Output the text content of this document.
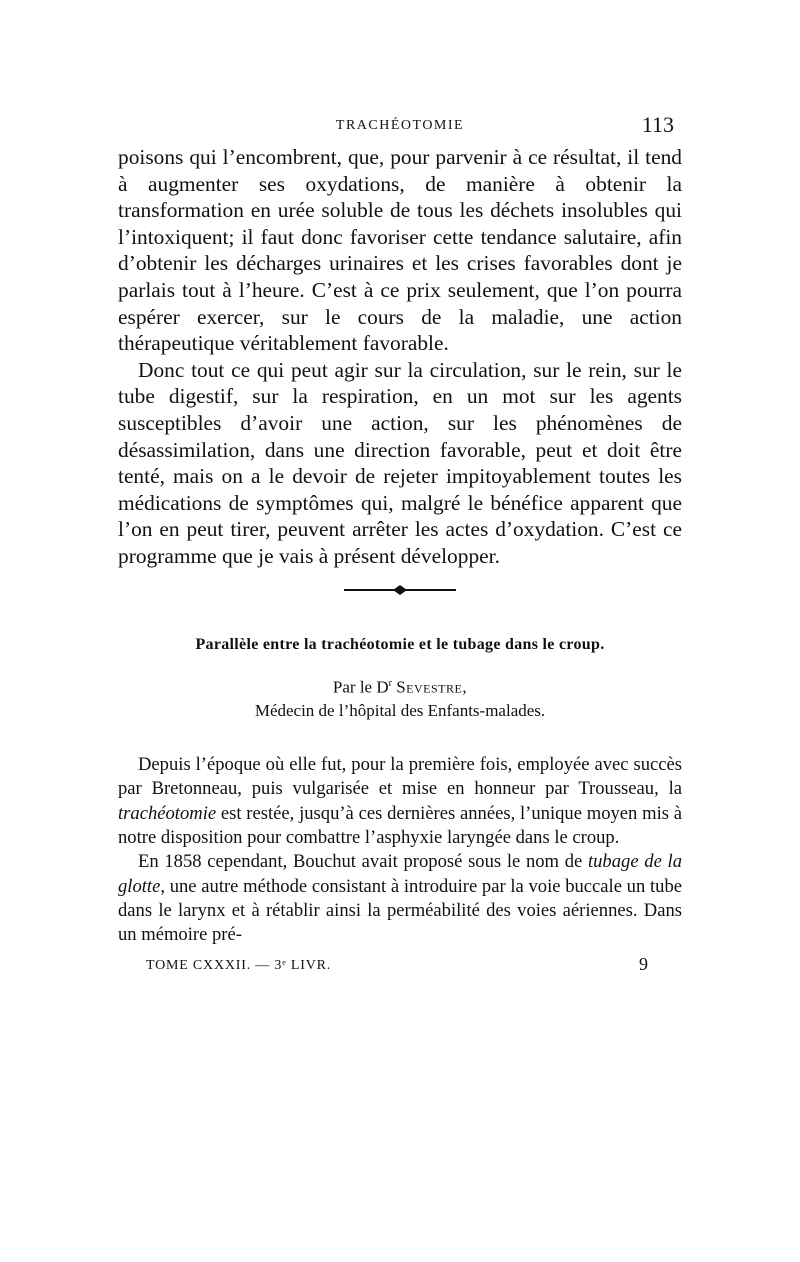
TRACHÉOTOMIE	113

poisons qui l’encombrent, que, pour parvenir à ce résultat, il tend à augmenter ses oxydations, de manière à obtenir la transformation en urée soluble de tous les déchets insolubles qui l’intoxiquent; il faut donc favoriser cette tendance salutaire, afin d’obtenir les décharges urinaires et les crises favorables dont je parlais tout à l’heure. C’est à ce prix seulement, que l’on pourra espérer exercer, sur le cours de la maladie, une action thérapeutique véritablement favorable.

Donc tout ce qui peut agir sur la circulation, sur le rein, sur le tube digestif, sur la respiration, en un mot sur les agents susceptibles d’avoir une action, sur les phénomènes de désassimilation, dans une direction favorable, peut et doit être tenté, mais on a le devoir de rejeter impitoyablement toutes les médications de symptômes qui, malgré le bénéfice apparent que l’on en peut tirer, peuvent arrêter les actes d’oxydation. C’est ce programme que je vais à présent développer.

Parallèle entre la trachéotomie et le tubage dans le croup.
Par le $D^r$ Sevestre,
Médecin de l’hôpital des Enfants-malades.

Depuis l’époque où elle fut, pour la première fois, employée avec succès par Bretonneau, puis vulgarisée et mise en honneur par Trousseau, la trachéotomie est restée, jusqu’à ces dernières années, l’unique moyen mis à notre disposition pour combattre l’asphyxie laryngée dans le croup.

En 1858 cependant, Bouchut avait proposé sous le nom de tubage de la glotte, une autre méthode consistant à introduire par la voie buccale un tube dans le larynx et à rétablir ainsi la perméabilité des voies aériennes. Dans un mémoire pré-

TOME CXXXII. — 3ᵉ LIVR.	9
